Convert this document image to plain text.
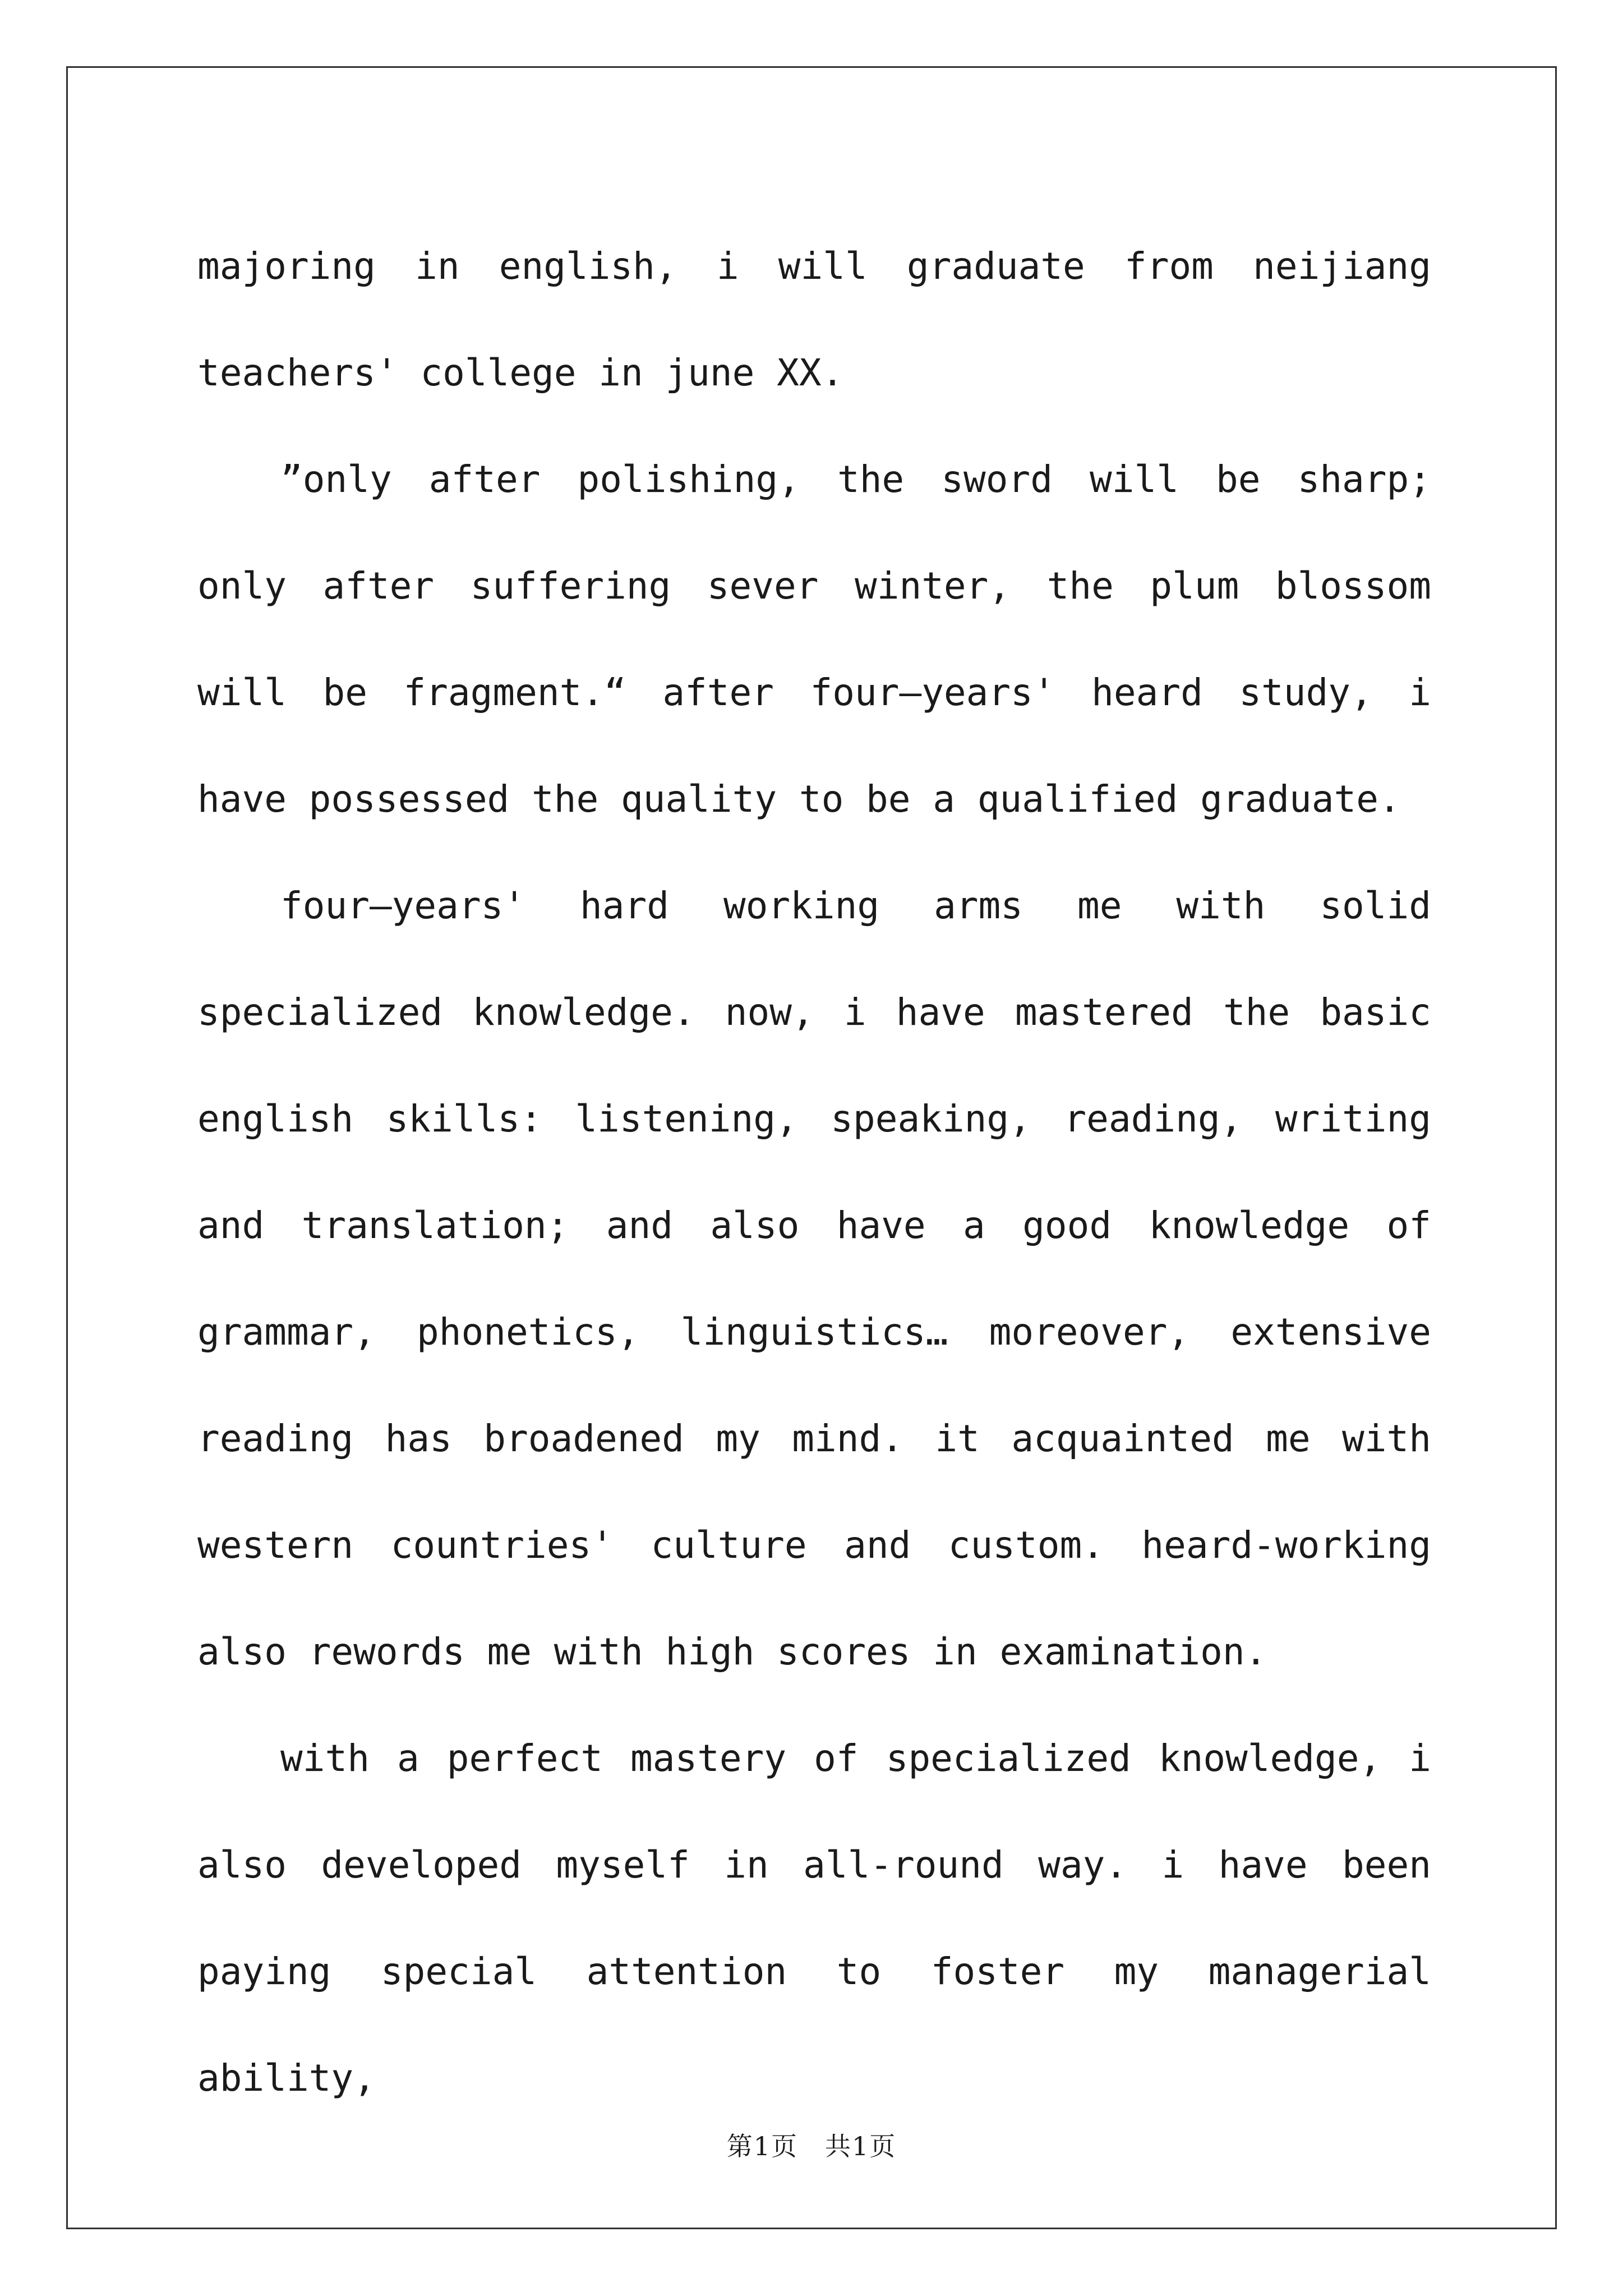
majoring in english, i will graduate from neijiang teachers' college in june XX.

”only after polishing, the sword will be sharp; only after suffering sever winter, the plum blossom will be fragment.“ after four—years' heard study, i have possessed the quality to be a qualified graduate.

four—years' hard working arms me with solid specialized knowledge. now, i have mastered the basic english skills: listening, speaking, reading, writing and translation; and also have a good knowledge of grammar, phonetics, linguistics… moreover, extensive reading has broadened my mind. it acquainted me with western countries' culture and custom. heard-working also rewords me with high scores in examination.

with a perfect mastery of specialized knowledge, i also developed myself in all-round way. i have been paying special attention to foster my managerial ability,

第1页 共1页
